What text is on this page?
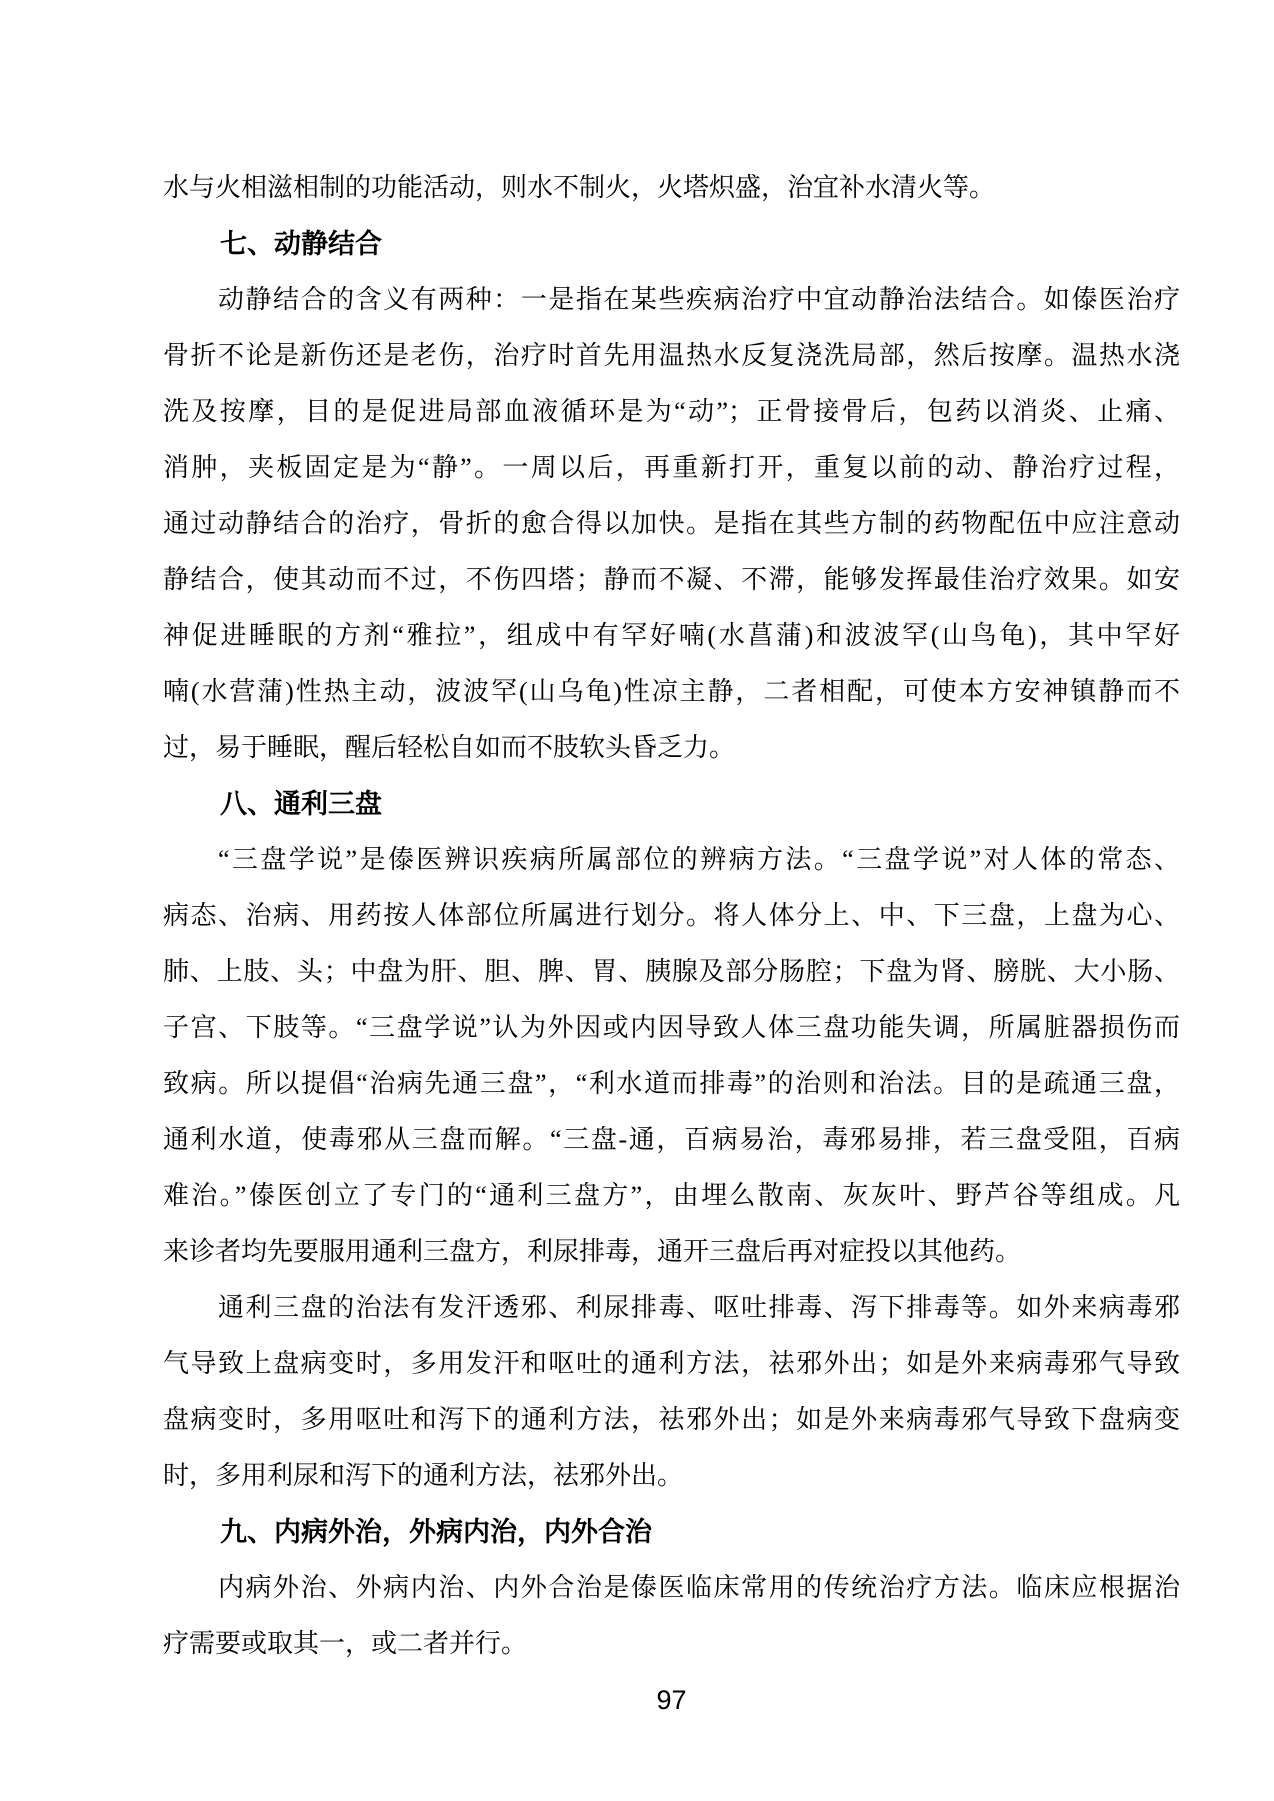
水与火相滋相制的功能活动，则水不制火，火塔炽盛，治宜补水清火等。
七、动静结合
动静结合的含义有两种：一是指在某些疾病治疗中宜动静治法结合。如傣医治疗
骨折不论是新伤还是老伤，治疗时首先用温热水反复浇洗局部，然后按摩。温热水浇
洗及按摩，目的是促进局部血液循环是为“动”；正骨接骨后，包药以消炎、止痛、
消肿，夹板固定是为“静”。一周以后，再重新打开，重复以前的动、静治疗过程，
通过动静结合的治疗，骨折的愈合得以加快。是指在其些方制的药物配伍中应注意动
静结合，使其动而不过，不伤四塔；静而不凝、不滞，能够发挥最佳治疗效果。如安
神促进睡眠的方剂“雅拉”，组成中有罕好喃(水菖蒲)和波波罕(山鸟龟)，其中罕好
喃(水营蒲)性热主动，波波罕(山乌龟)性凉主静，二者相配，可使本方安神镇静而不
过，易于睡眠，醒后轻松自如而不肢软头昏乏力。
八、通利三盘
“三盘学说”是傣医辨识疾病所属部位的辨病方法。“三盘学说”对人体的常态、
病态、治病、用药按人体部位所属进行划分。将人体分上、中、下三盘，上盘为心、
肺、上肢、头；中盘为肝、胆、脾、胃、胰腺及部分肠腔；下盘为肾、膀胱、大小肠、
子宫、下肢等。“三盘学说”认为外因或内因导致人体三盘功能失调，所属脏器损伤而
致病。所以提倡“治病先通三盘”，“利水道而排毒”的治则和治法。目的是疏通三盘，
通利水道，使毒邪从三盘而解。“三盘-通，百病易治，毒邪易排，若三盘受阻，百病
难治。”傣医创立了专门的“通利三盘方”，由埋么散南、灰灰叶、野芦谷等组成。凡
来诊者均先要服用通利三盘方，利尿排毒，通开三盘后再对症投以其他药。
通利三盘的治法有发汗透邪、利尿排毒、呕吐排毒、泻下排毒等。如外来病毒邪
气导致上盘病变时，多用发汗和呕吐的通利方法，祛邪外出；如是外来病毒邪气导致
盘病变时，多用呕吐和泻下的通利方法，祛邪外出；如是外来病毒邪气导致下盘病变
时，多用利尿和泻下的通利方法，祛邪外出。
九、内病外治，外病内治，内外合治
内病外治、外病内治、内外合治是傣医临床常用的传统治疗方法。临床应根据治
疗需要或取其一，或二者并行。
97
